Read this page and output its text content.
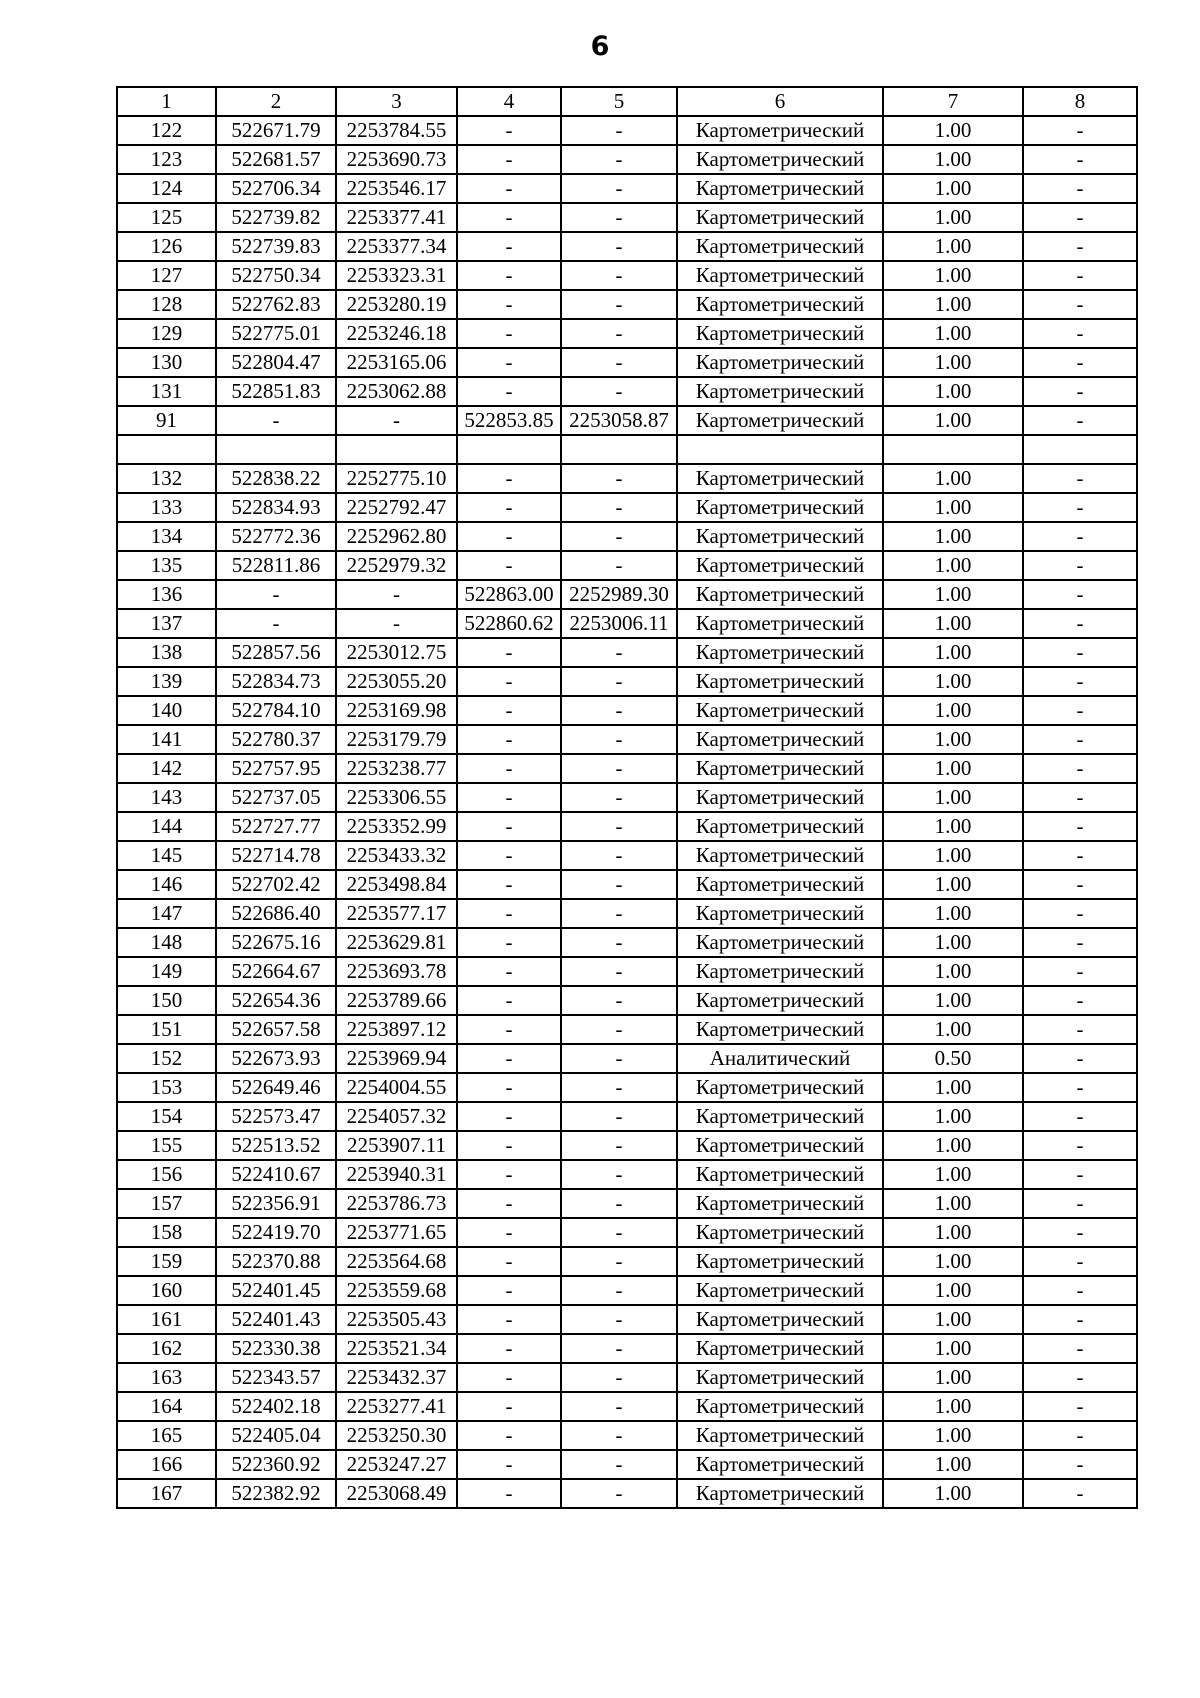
6
1	2	3	4	5	6	7	8
122	522671.79	2253784.55	-	-	Картометрический	1.00	-
123	522681.57	2253690.73	-	-	Картометрический	1.00	-
124	522706.34	2253546.17	-	-	Картометрический	1.00	-
125	522739.82	2253377.41	-	-	Картометрический	1.00	-
126	522739.83	2253377.34	-	-	Картометрический	1.00	-
127	522750.34	2253323.31	-	-	Картометрический	1.00	-
128	522762.83	2253280.19	-	-	Картометрический	1.00	-
129	522775.01	2253246.18	-	-	Картометрический	1.00	-
130	522804.47	2253165.06	-	-	Картометрический	1.00	-
131	522851.83	2253062.88	-	-	Картометрический	1.00	-
91	-	-	522853.85	2253058.87	Картометрический	1.00	-

132	522838.22	2252775.10	-	-	Картометрический	1.00	-
133	522834.93	2252792.47	-	-	Картометрический	1.00	-
134	522772.36	2252962.80	-	-	Картометрический	1.00	-
135	522811.86	2252979.32	-	-	Картометрический	1.00	-
136	-	-	522863.00	2252989.30	Картометрический	1.00	-
137	-	-	522860.62	2253006.11	Картометрический	1.00	-
138	522857.56	2253012.75	-	-	Картометрический	1.00	-
139	522834.73	2253055.20	-	-	Картометрический	1.00	-
140	522784.10	2253169.98	-	-	Картометрический	1.00	-
141	522780.37	2253179.79	-	-	Картометрический	1.00	-
142	522757.95	2253238.77	-	-	Картометрический	1.00	-
143	522737.05	2253306.55	-	-	Картометрический	1.00	-
144	522727.77	2253352.99	-	-	Картометрический	1.00	-
145	522714.78	2253433.32	-	-	Картометрический	1.00	-
146	522702.42	2253498.84	-	-	Картометрический	1.00	-
147	522686.40	2253577.17	-	-	Картометрический	1.00	-
148	522675.16	2253629.81	-	-	Картометрический	1.00	-
149	522664.67	2253693.78	-	-	Картометрический	1.00	-
150	522654.36	2253789.66	-	-	Картометрический	1.00	-
151	522657.58	2253897.12	-	-	Картометрический	1.00	-
152	522673.93	2253969.94	-	-	Аналитический	0.50	-
153	522649.46	2254004.55	-	-	Картометрический	1.00	-
154	522573.47	2254057.32	-	-	Картометрический	1.00	-
155	522513.52	2253907.11	-	-	Картометрический	1.00	-
156	522410.67	2253940.31	-	-	Картометрический	1.00	-
157	522356.91	2253786.73	-	-	Картометрический	1.00	-
158	522419.70	2253771.65	-	-	Картометрический	1.00	-
159	522370.88	2253564.68	-	-	Картометрический	1.00	-
160	522401.45	2253559.68	-	-	Картометрический	1.00	-
161	522401.43	2253505.43	-	-	Картометрический	1.00	-
162	522330.38	2253521.34	-	-	Картометрический	1.00	-
163	522343.57	2253432.37	-	-	Картометрический	1.00	-
164	522402.18	2253277.41	-	-	Картометрический	1.00	-
165	522405.04	2253250.30	-	-	Картометрический	1.00	-
166	522360.92	2253247.27	-	-	Картометрический	1.00	-
167	522382.92	2253068.49	-	-	Картометрический	1.00	-
